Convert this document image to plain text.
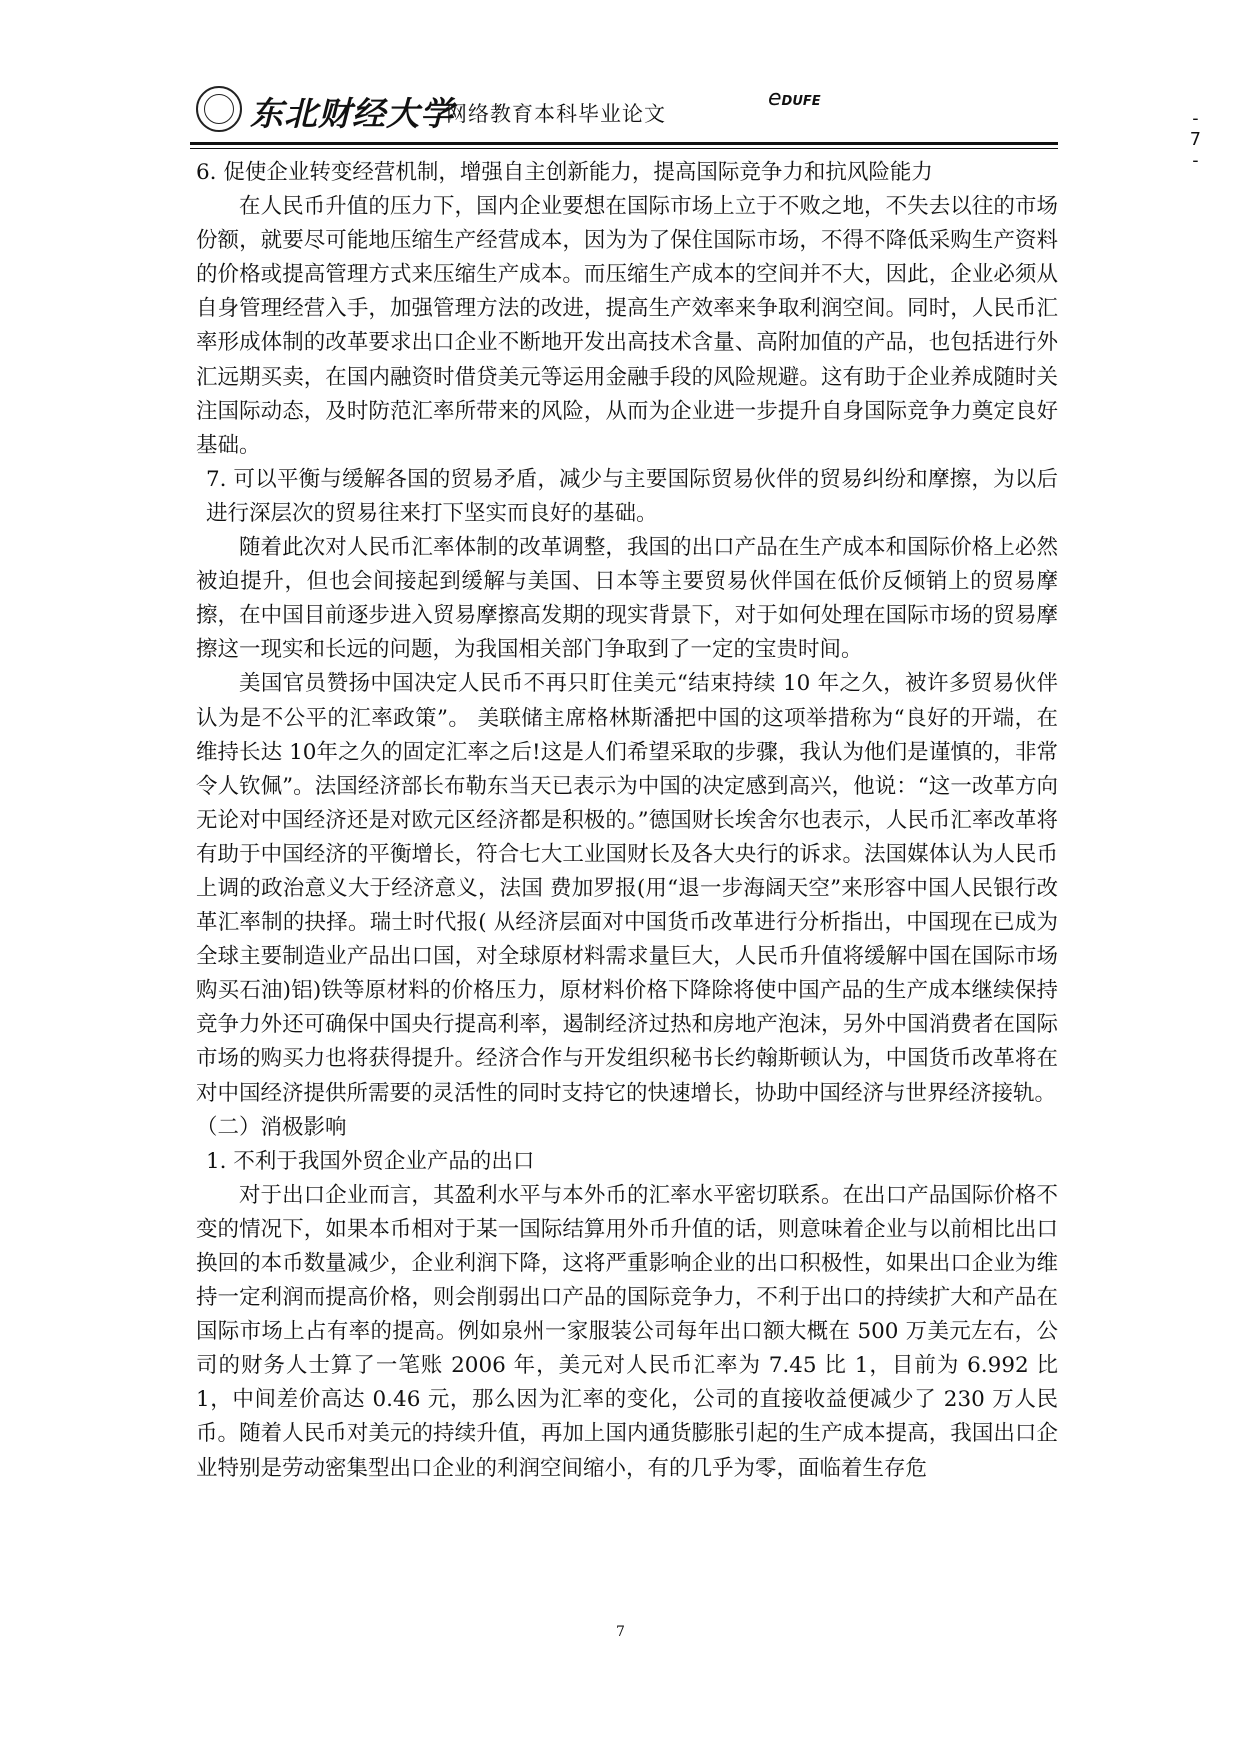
东北财经大学
网络教育本科毕业论文
eDUFE
- 7 -

6. 促使企业转变经营机制，增强自主创新能力，提高国际竞争力和抗风险能力

在人民币升值的压力下，国内企业要想在国际市场上立于不败之地，不失去以往的市场份额，就要尽可能地压缩生产经营成本，因为为了保住国际市场，不得不降低采购生产资料的价格或提高管理方式来压缩生产成本。而压缩生产成本的空间并不大，因此，企业必须从自身管理经营入手，加强管理方法的改进，提高生产效率来争取利润空间。同时，人民币汇率形成体制的改革要求出口企业不断地开发出高技术含量、高附加值的产品，也包括进行外汇远期买卖，在国内融资时借贷美元等运用金融手段的风险规避。这有助于企业养成随时关注国际动态，及时防范汇率所带来的风险，从而为企业进一步提升自身国际竞争力奠定良好基础。

7. 可以平衡与缓解各国的贸易矛盾，减少与主要国际贸易伙伴的贸易纠纷和摩擦，为以后进行深层次的贸易往来打下坚实而良好的基础。

随着此次对人民币汇率体制的改革调整，我国的出口产品在生产成本和国际价格上必然被迫提升，但也会间接起到缓解与美国、日本等主要贸易伙伴国在低价反倾销上的贸易摩擦，在中国目前逐步进入贸易摩擦高发期的现实背景下，对于如何处理在国际市场的贸易摩擦这一现实和长远的问题，为我国相关部门争取到了一定的宝贵时间。

美国官员赞扬中国决定人民币不再只盯住美元“结束持续 10 年之久，被许多贸易伙伴认为是不公平的汇率政策”。 美联储主席格林斯潘把中国的这项举措称为“良好的开端，在维持长达 10年之久的固定汇率之后!这是人们希望采取的步骤，我认为他们是谨慎的，非常令人钦佩”。法国经济部长布勒东当天已表示为中国的决定感到高兴，他说：“这一改革方向无论对中国经济还是对欧元区经济都是积极的。”德国财长埃舍尔也表示，人民币汇率改革将有助于中国经济的平衡增长，符合七大工业国财长及各大央行的诉求。法国媒体认为人民币上调的政治意义大于经济意义，法国 费加罗报(用“退一步海阔天空”来形容中国人民银行改革汇率制的抉择。瑞士时代报( 从经济层面对中国货币改革进行分析指出，中国现在已成为全球主要制造业产品出口国，对全球原材料需求量巨大，人民币升值将缓解中国在国际市场购买石油)铝)铁等原材料的价格压力，原材料价格下降除将使中国产品的生产成本继续保持竞争力外还可确保中国央行提高利率，遏制经济过热和房地产泡沫，另外中国消费者在国际市场的购买力也将获得提升。经济合作与开发组织秘书长约翰斯顿认为，中国货币改革将在对中国经济提供所需要的灵活性的同时支持它的快速增长，协助中国经济与世界经济接轨。

（二）消极影响

1. 不利于我国外贸企业产品的出口

对于出口企业而言，其盈利水平与本外币的汇率水平密切联系。在出口产品国际价格不变的情况下，如果本币相对于某一国际结算用外币升值的话，则意味着企业与以前相比出口换回的本币数量减少，企业利润下降，这将严重影响企业的出口积极性，如果出口企业为维持一定利润而提高价格，则会削弱出口产品的国际竞争力，不利于出口的持续扩大和产品在国际市场上占有率的提高。例如泉州一家服装公司每年出口额大概在 500 万美元左右，公司的财务人士算了一笔账 2006 年，美元对人民币汇率为 7.45 比 1，目前为 6.992 比 1，中间差价高达 0.46 元，那么因为汇率的变化，公司的直接收益便减少了 230 万人民币。随着人民币对美元的持续升值，再加上国内通货膨胀引起的生产成本提高，我国出口企业特别是劳动密集型出口企业的利润空间缩小，有的几乎为零，面临着生存危

7
